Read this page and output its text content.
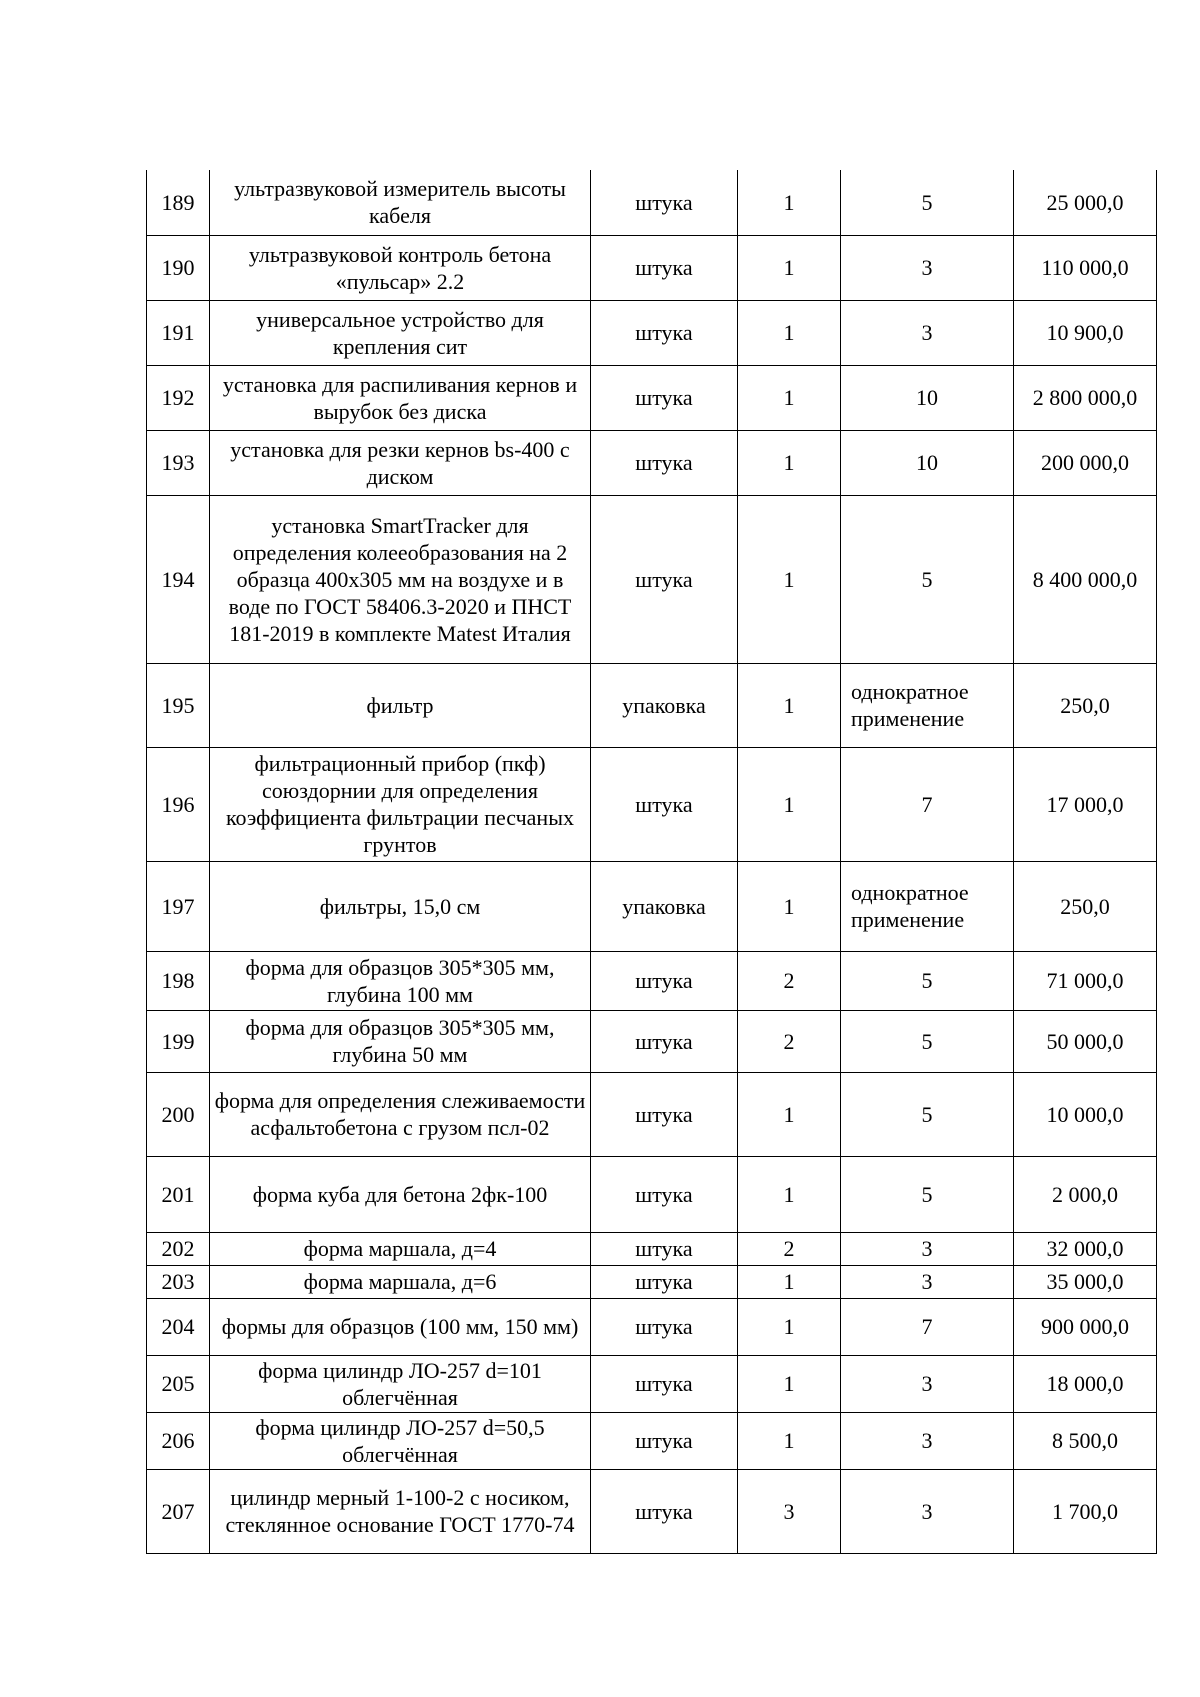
189	ультразвуковой измеритель высоты кабеля	штука	1	5	25 000,0
190	ультразвуковой контроль бетона «пульсар» 2.2	штука	1	3	110 000,0
191	универсальное устройство для крепления сит	штука	1	3	10 900,0
192	установка для распиливания кернов и вырубок без диска	штука	1	10	2 800 000,0
193	установка для резки кернов bs-400 с диском	штука	1	10	200 000,0
194	установка SmartTracker для определения колееобразования на 2 образца 400х305 мм на воздухе и в воде по ГОСТ 58406.3-2020 и ПНСТ 181-2019 в комплекте Matest Италия	штука	1	5	8 400 000,0
195	фильтр	упаковка	1	однократное применение	250,0
196	фильтрационный прибор (пкф) союздорнии для определения коэффициента фильтрации песчаных грунтов	штука	1	7	17 000,0
197	фильтры, 15,0 см	упаковка	1	однократное применение	250,0
198	форма для образцов 305*305 мм, глубина 100 мм	штука	2	5	71 000,0
199	форма для образцов 305*305 мм, глубина 50 мм	штука	2	5	50 000,0
200	форма для определения слеживаемости асфальтобетона с грузом псл-02	штука	1	5	10 000,0
201	форма куба для бетона 2фк-100	штука	1	5	2 000,0
202	форма маршала, д=4	штука	2	3	32 000,0
203	форма маршала, д=6	штука	1	3	35 000,0
204	формы для образцов (100 мм, 150 мм)	штука	1	7	900 000,0
205	форма цилиндр ЛО-257 d=101 облегчённая	штука	1	3	18 000,0
206	форма цилиндр ЛО-257 d=50,5 облегчённая	штука	1	3	8 500,0
207	цилиндр мерный 1-100-2 с носиком, стеклянное основание ГОСТ 1770-74	штука	3	3	1 700,0
